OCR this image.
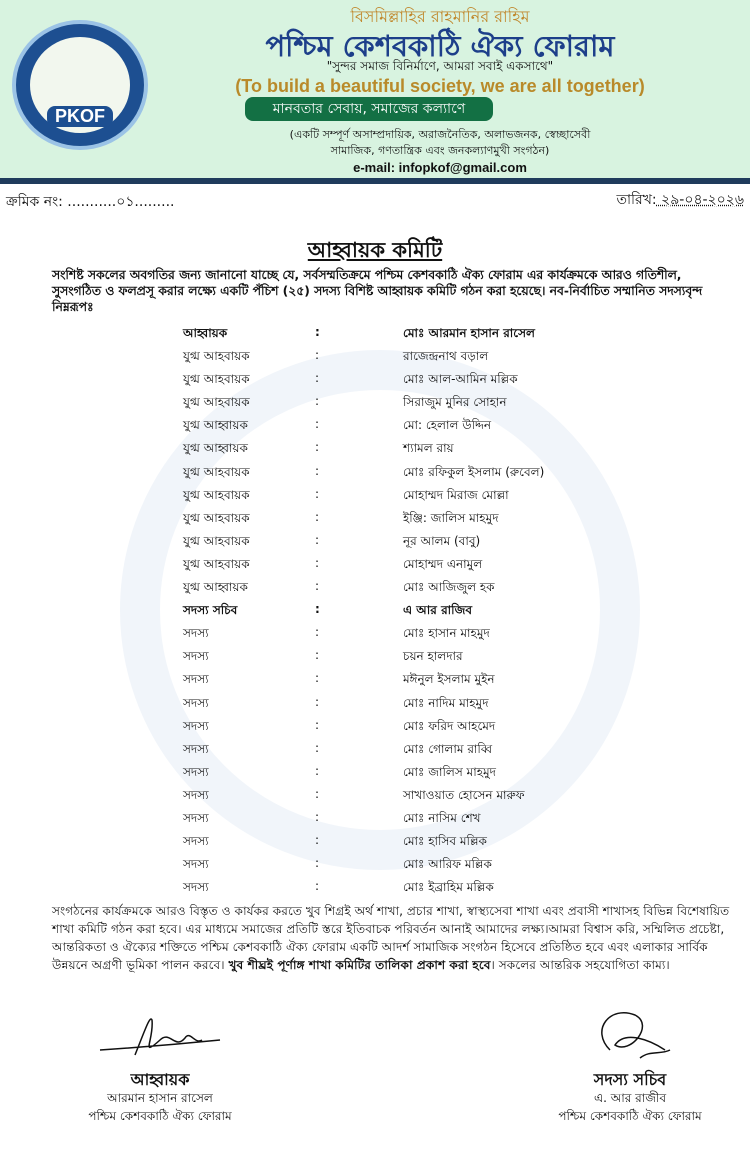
PKOF
বিসমিল্লাহির রাহমানির রাহিম
পশ্চিম কেশবকাঠি ঐক্য ফোরাম
"সুন্দর সমাজ বিনির্মাণে, আমরা সবাই একসাথে"
(To build a beautiful society, we are all together)
মানবতার সেবায়, সমাজের কল্যাণে
(একটি সম্পূর্ণ অসাম্প্রদায়িক, অরাজনৈতিক, অলাভজনক, স্বেচ্ছাসেবী
সামাজিক, গণতান্ত্রিক এবং জনকল্যাণমুখী সংগঠন)
e-mail: infopkof@gmail.com
ক্রমিক নং: ...........০১.........	তারিখ: ২৯-০৪-২০২৬
আহ্বায়ক কমিটি
সংশিষ্ট সকলের অবগতির জন্য জানানো যাচ্ছে যে, সর্বসম্মতিক্রমে পশ্চিম কেশবকাঠি ঐক্য ফোরাম এর কার্যক্রমকে আরও গতিশীল, সুসংগঠিত ও ফলপ্রসূ করার লক্ষ্যে একটি পঁচিশ (২৫) সদস্য বিশিষ্ট আহ্বায়ক কমিটি গঠন করা হয়েছে। নব-নির্বাচিত সম্মানিত সদস্যবৃন্দ নিম্নরূপঃ
আহ্বায়ক	:	মোঃ আরমান হাসান রাসেল
যুগ্ম আহবায়ক	:	রাজেন্দ্রনাথ বড়াল
যুগ্ম আহবায়ক	:	মোঃ আল-আমিন মল্লিক
যুগ্ম আহবায়ক	:	সিরাজুম মুনির সোহান
যুগ্ম আহ্বায়ক	:	মো: হেলাল উদ্দিন
যুগ্ম আহ্বায়ক	:	শ্যামল রায়
যুগ্ম আহবায়ক	:	মোঃ রফিকুল ইসলাম (রুবেল)
যুগ্ম আহবায়ক	:	মোহাম্মদ মিরাজ মোল্লা
যুগ্ম আহবায়ক	:	ইঞ্জি: জালিস মাহমুদ
যুগ্ম আহবায়ক	:	নূর আলম (বাবু)
যুগ্ম আহবায়ক	:	মোহাম্মদ এনামুল
যুগ্ম আহ্বায়ক	:	মোঃ আজিজুল হক
সদস্য সচিব	:	এ আর রাজিব
সদস্য	:	মোঃ হাসান মাহমুদ
সদস্য	:	চয়ন হালদার
সদস্য	:	মঈনুল ইসলাম মুইন
সদস্য	:	মোঃ নাদিম মাহমুদ
সদস্য	:	মোঃ ফরিদ আহমেদ
সদস্য	:	মোঃ গোলাম রাব্বি
সদস্য	:	মোঃ জালিস মাহমুদ
সদস্য	:	সাখাওয়াত হোসেন মারুফ
সদস্য	:	মোঃ নাসিম শেখ
সদস্য	:	মোঃ হাসিব মল্লিক
সদস্য	:	মোঃ আরিফ মল্লিক
সদস্য	:	মোঃ ইব্রাহিম মল্লিক
সংগঠনের কার্যক্রমকে আরও বিস্তৃত ও কার্যকর করতে খুব শিগ্রই অর্থ শাখা, প্রচার শাখা, স্বাস্থ্যসেবা শাখা এবং প্রবাসী শাখাসহ বিভিন্ন বিশেষায়িত শাখা কমিটি গঠন করা হবে। এর মাধ্যমে সমাজের প্রতিটি স্তরে ইতিবাচক পরিবর্তন আনাই আমাদের লক্ষ্য।আমরা বিশ্বাস করি, সম্মিলিত প্রচেষ্টা, আন্তরিকতা ও ঐক্যের শক্তিতে পশ্চিম কেশবকাঠি ঐক্য ফোরাম একটি আদর্শ সামাজিক সংগঠন হিসেবে প্রতিষ্ঠিত হবে এবং এলাকার সার্বিক উন্নয়নে অগ্রণী ভূমিকা পালন করবে। খুব শীঘ্রই পূর্ণাঙ্গ শাখা কমিটির তালিকা প্রকাশ করা হবে। সকলের আন্তরিক সহযোগিতা কাম্য।
আহ্বায়ক
আরমান হাসান রাসেল
পশ্চিম কেশবকাঠি ঐক্য ফোরাম
সদস্য সচিব
এ. আর রাজীব
পশ্চিম কেশবকাঠি ঐক্য ফোরাম
